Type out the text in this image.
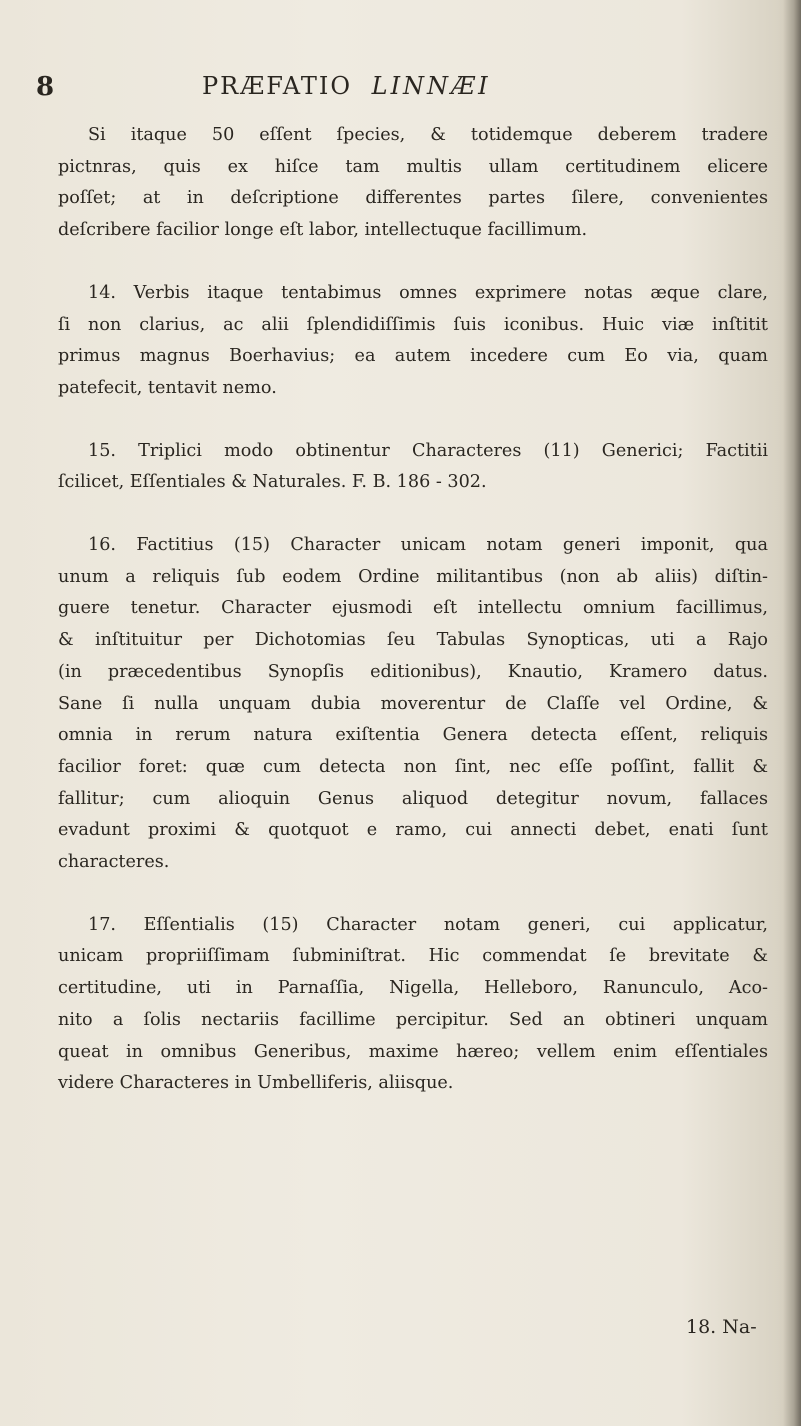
8	PRÆFATIO LINNÆI
Si itaque 50 eſſent ſpecies, & totidemque deberem tradere
pictnras, quis ex hiſce tam multis ullam certitudinem elicere
poſſet; at in deſcriptione differentes partes ſilere, convenientes
deſcribere facilior longe eſt labor, intellectuque facillimum.
14. Verbis itaque tentabimus omnes exprimere notas æque clare,
ſi non clarius, ac alii ſplendidiſſimis ſuis iconibus. Huic viæ inſtitit
primus magnus Boerhavius; ea autem incedere cum Eo via, quam
patefecit, tentavit nemo.
15. Triplici modo obtinentur Characteres (11) Generici; Factitii
ſcilicet, Eſſentiales & Naturales. F. B. 186 - 302.
16. Factitius (15) Character unicam notam generi imponit, qua
unum a reliquis ſub eodem Ordine militantibus (non ab aliis) diſtin-
guere tenetur. Character ejusmodi eſt intellectu omnium facillimus,
& inſtituitur per Dichotomias ſeu Tabulas Synopticas, uti a Rajo
(in præcedentibus Synopſis editionibus), Knautio, Kramero datus.
Sane ſi nulla unquam dubia moverentur de Claſſe vel Ordine, &
omnia in rerum natura exiſtentia Genera detecta eſſent, reliquis
facilior foret: quæ cum detecta non ſint, nec eſſe poſſint, fallit &
fallitur; cum alioquin Genus aliquod detegitur novum, fallaces
evadunt proximi & quotquot e ramo, cui annecti debet, enati ſunt
characteres.
17. Eſſentialis (15) Character notam generi, cui applicatur,
unicam propriiſſimam ſubminiſtrat. Hic commendat ſe brevitate &
certitudine, uti in Parnaſſia, Nigella, Helleboro, Ranunculo, Aco-
nito a ſolis nectariis facillime percipitur. Sed an obtineri unquam
queat in omnibus Generibus, maxime hæreo; vellem enim eſſentiales
videre Characteres in Umbelliferis, aliisque.
18. Na-
